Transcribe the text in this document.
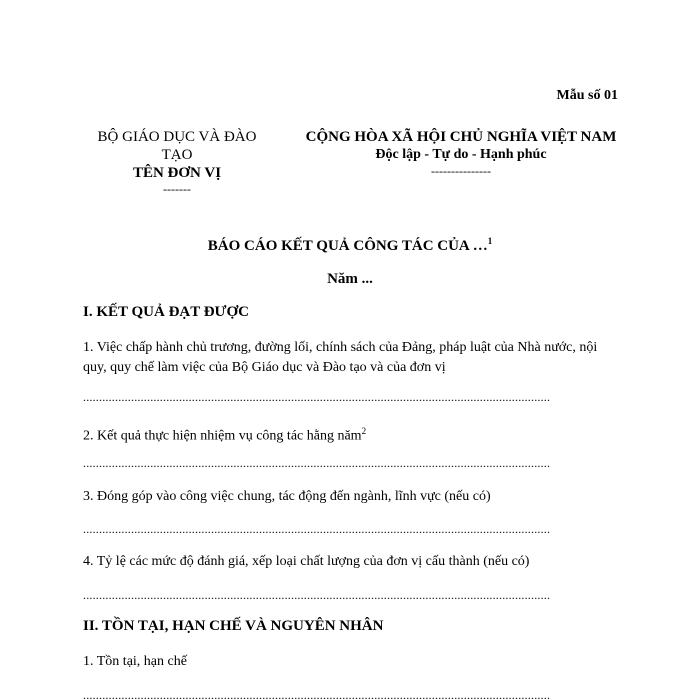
Mẫu số 01
BỘ GIÁO DỤC VÀ ĐÀO TẠO
TÊN ĐƠN VỊ
-------
CỘNG HÒA XÃ HỘI CHỦ NGHĨA VIỆT NAM
Độc lập - Tự do - Hạnh phúc
---------------
BÁO CÁO KẾT QUẢ CÔNG TÁC CỦA …$^1$
Năm ...
I. KẾT QUẢ ĐẠT ĐƯỢC
1. Việc chấp hành chủ trương, đường lối, chính sách của Đảng, pháp luật của Nhà nước, nội quy, quy chế làm việc của Bộ Giáo dục và Đào tạo và của đơn vị
..................................................................................................................................................
2. Kết quả thực hiện nhiệm vụ công tác hằng năm$^2$
..................................................................................................................................................
3. Đóng góp vào công việc chung, tác động đến ngành, lĩnh vực (nếu có)
..................................................................................................................................................
4. Tỷ lệ các mức độ đánh giá, xếp loại chất lượng của đơn vị cấu thành (nếu có)
..................................................................................................................................................
II. TỒN TẠI, HẠN CHẾ VÀ NGUYÊN NHÂN
1. Tồn tại, hạn chế
..................................................................................................................................................
